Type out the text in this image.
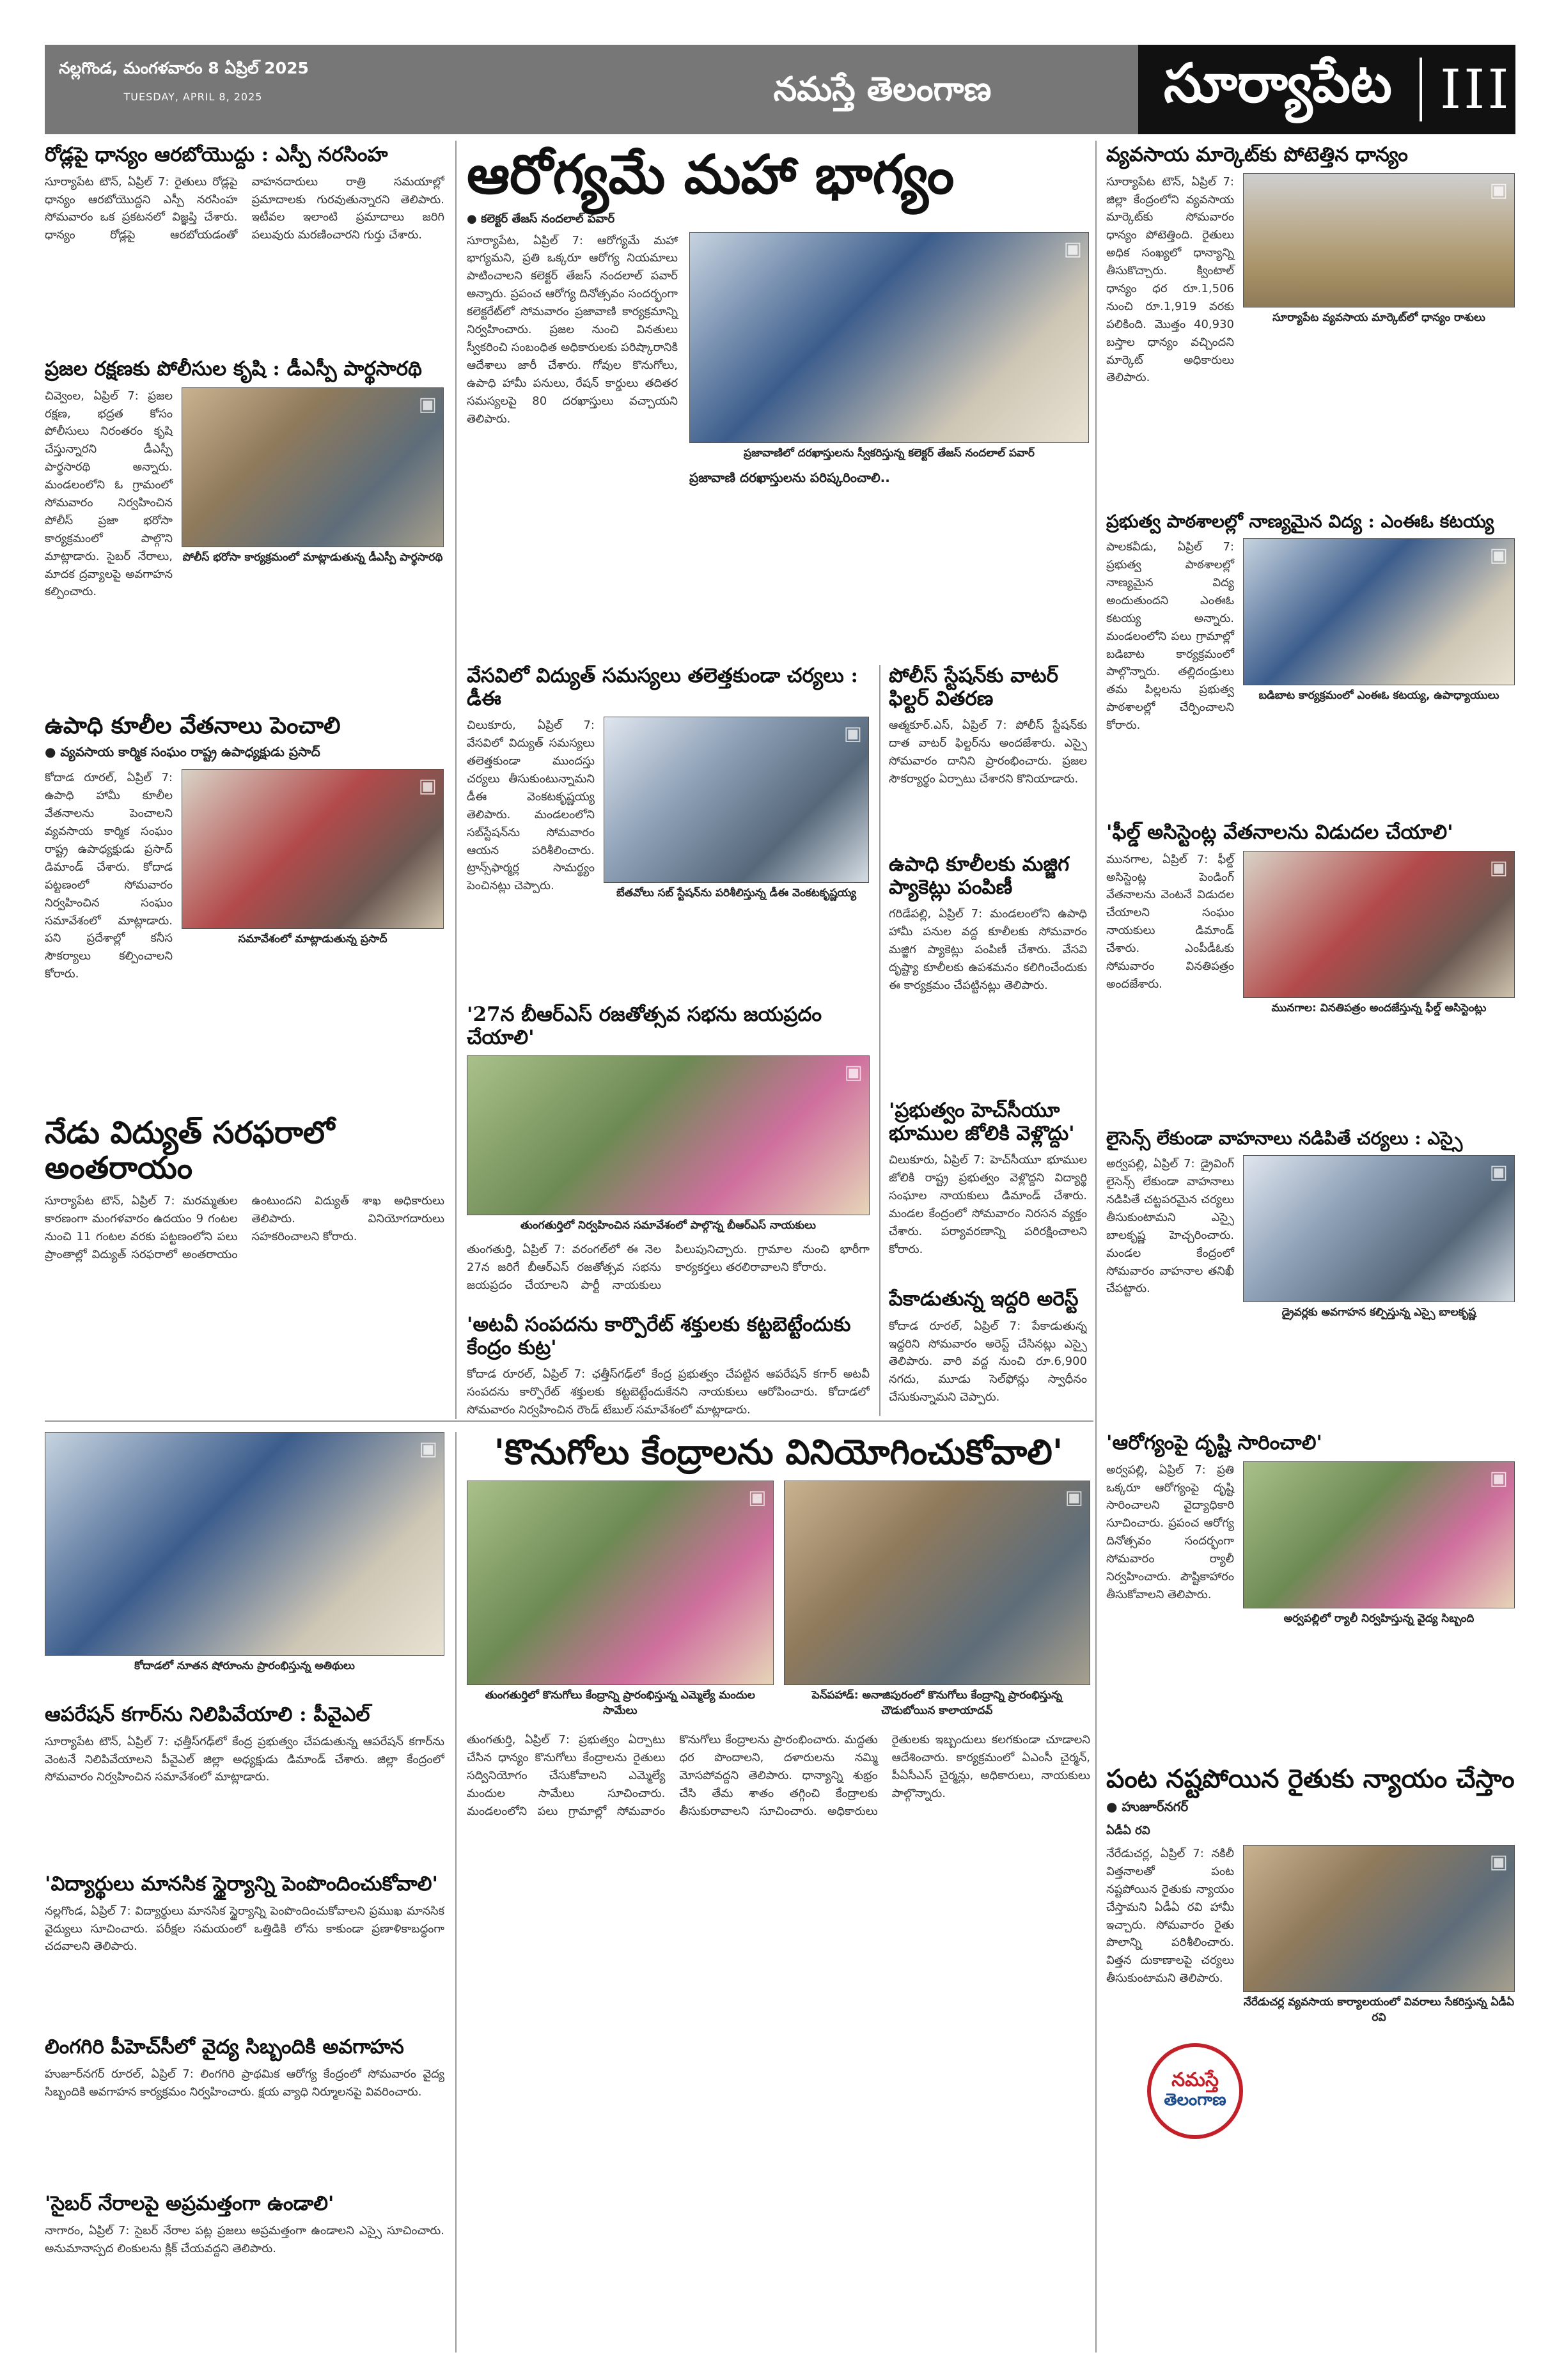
నల్లగొండ, మంగళవారం 8 ఏప్రిల్ 2025
TUESDAY, APRIL 8, 2025	నమస్తే తెలంగాణ	సూర్యాపేట III
రోడ్లపై ధాన్యం ఆరబోయొద్దు : ఎస్పీ నరసింహ
సూర్యాపేట టౌన్, ఏప్రిల్ 7: రైతులు రోడ్లపై ధాన్యం ఆరబోయొద్దని ఎస్పీ నరసింహ సోమవారం ఒక ప్రకటనలో విజ్ఞప్తి చేశారు. ధాన్యం రోడ్లపై ఆరబోయడంతో వాహనదారులు రాత్రి సమయాల్లో ప్రమాదాలకు గురవుతున్నారని తెలిపారు. ఇటీవల ఇలాంటి ప్రమాదాలు జరిగి పలువురు మరణించారని గుర్తు చేశారు.
ప్రజల రక్షణకు పోలీసుల కృషి : డీఎస్పీ పార్థసారథి
చివ్వెంల, ఏప్రిల్ 7: ప్రజల రక్షణ, భద్రత కోసం పోలీసులు నిరంతరం కృషి చేస్తున్నారని డీఎస్పీ పార్థసారథి అన్నారు. మండలంలోని ఓ గ్రామంలో సోమవారం నిర్వహించిన పోలీస్ ప్రజా భరోసా కార్యక్రమంలో పాల్గొని మాట్లాడారు. సైబర్ నేరాలు, మాదక ద్రవ్యాలపై అవగాహన కల్పించారు.
▣
పోలీస్ భరోసా కార్యక్రమంలో మాట్లాడుతున్న డీఎస్పీ పార్థసారథి
ఉపాధి కూలీల వేతనాలు పెంచాలి
● వ్యవసాయ కార్మిక సంఘం రాష్ట్ర ఉపాధ్యక్షుడు ప్రసాద్
కోదాడ రూరల్, ఏప్రిల్ 7: ఉపాధి హామీ కూలీల వేతనాలను పెంచాలని వ్యవసాయ కార్మిక సంఘం రాష్ట్ర ఉపాధ్యక్షుడు ప్రసాద్ డిమాండ్ చేశారు. కోదాడ పట్టణంలో సోమవారం నిర్వహించిన సంఘం సమావేశంలో మాట్లాడారు. పని ప్రదేశాల్లో కనీస సౌకర్యాలు కల్పించాలని కోరారు.
▣
సమావేశంలో మాట్లాడుతున్న ప్రసాద్
నేడు విద్యుత్ సరఫరాలో అంతరాయం
సూర్యాపేట టౌన్, ఏప్రిల్ 7: మరమ్మతుల కారణంగా మంగళవారం ఉదయం 9 గంటల నుంచి 11 గంటల వరకు పట్టణంలోని పలు ప్రాంతాల్లో విద్యుత్ సరఫరాలో అంతరాయం ఉంటుందని విద్యుత్ శాఖ అధికారులు తెలిపారు. వినియోగదారులు సహకరించాలని కోరారు.
ఆరోగ్యమే మహా భాగ్యం
● కలెక్టర్ తేజస్ నందలాల్ పవార్
సూర్యాపేట, ఏప్రిల్ 7: ఆరోగ్యమే మహా భాగ్యమని, ప్రతి ఒక్కరూ ఆరోగ్య నియమాలు పాటించాలని కలెక్టర్ తేజస్ నందలాల్ పవార్ అన్నారు. ప్రపంచ ఆరోగ్య దినోత్సవం సందర్భంగా కలెక్టరేట్‌లో సోమవారం ప్రజావాణి కార్యక్రమాన్ని నిర్వహించారు. ప్రజల నుంచి వినతులు స్వీకరించి సంబంధిత అధికారులకు పరిష్కారానికి ఆదేశాలు జారీ చేశారు. గోవుల కొనుగోలు, ఉపాధి హామీ పనులు, రేషన్ కార్డులు తదితర సమస్యలపై 80 దరఖాస్తులు వచ్చాయని తెలిపారు.
▣
ప్రజావాణిలో దరఖాస్తులను స్వీకరిస్తున్న కలెక్టర్ తేజస్ నందలాల్ పవార్
ప్రజావాణి దరఖాస్తులను పరిష్కరించాలి..
వేసవిలో విద్యుత్ సమస్యలు తలెత్తకుండా చర్యలు : డీఈ
చిలుకూరు, ఏప్రిల్ 7: వేసవిలో విద్యుత్ సమస్యలు తలెత్తకుండా ముందస్తు చర్యలు తీసుకుంటున్నామని డీఈ వెంకటకృష్ణయ్య తెలిపారు. మండలంలోని సబ్‌స్టేషన్‌ను సోమవారం ఆయన పరిశీలించారు. ట్రాన్స్‌ఫార్మర్ల సామర్థ్యం పెంచినట్లు చెప్పారు.
▣
బేతవోలు సబ్ స్టేషన్‌ను పరిశీలిస్తున్న డీఈ వెంకటకృష్ణయ్య
'27న బీఆర్‌ఎస్ రజతోత్సవ సభను జయప్రదం చేయాలి'
▣
తుంగతుర్తిలో నిర్వహించిన సమావేశంలో పాల్గొన్న బీఆర్‌ఎస్ నాయకులు
తుంగతుర్తి, ఏప్రిల్ 7: వరంగల్‌లో ఈ నెల 27న జరిగే బీఆర్‌ఎస్ రజతోత్సవ సభను జయప్రదం చేయాలని పార్టీ నాయకులు పిలుపునిచ్చారు. గ్రామాల నుంచి భారీగా కార్యకర్తలు తరలిరావాలని కోరారు.
'అటవీ సంపదను కార్పొరేట్ శక్తులకు కట్టబెట్టేందుకు కేంద్రం కుట్ర'
కోదాడ రూరల్, ఏప్రిల్ 7: ఛత్తీస్‌గఢ్‌లో కేంద్ర ప్రభుత్వం చేపట్టిన ఆపరేషన్ కగార్ అటవీ సంపదను కార్పొరేట్ శక్తులకు కట్టబెట్టేందుకేనని నాయకులు ఆరోపించారు. కోదాడలో సోమవారం నిర్వహించిన రౌండ్ టేబుల్ సమావేశంలో మాట్లాడారు.
పోలీస్ స్టేషన్‌కు వాటర్ ఫిల్టర్ వితరణ
ఆత్మకూర్.ఎస్, ఏప్రిల్ 7: పోలీస్ స్టేషన్‌కు దాత వాటర్ ఫిల్టర్‌ను అందజేశారు. ఎస్సై సోమవారం దానిని ప్రారంభించారు. ప్రజల సౌకర్యార్థం ఏర్పాటు చేశారని కొనియాడారు.
ఉపాధి కూలీలకు మజ్జిగ ప్యాకెట్లు పంపిణీ
గరిడేపల్లి, ఏప్రిల్ 7: మండలంలోని ఉపాధి హామీ పనుల వద్ద కూలీలకు సోమవారం మజ్జిగ ప్యాకెట్లు పంపిణీ చేశారు. వేసవి దృష్ట్యా కూలీలకు ఉపశమనం కలిగించేందుకు ఈ కార్యక్రమం చేపట్టినట్లు తెలిపారు.
'ప్రభుత్వం హెచ్‌సీయూ భూముల జోలికి వెళ్లొద్దు'
చిలుకూరు, ఏప్రిల్ 7: హెచ్‌సీయూ భూముల జోలికి రాష్ట్ర ప్రభుత్వం వెళ్లొద్దని విద్యార్థి సంఘాల నాయకులు డిమాండ్ చేశారు. మండల కేంద్రంలో సోమవారం నిరసన వ్యక్తం చేశారు. పర్యావరణాన్ని పరిరక్షించాలని కోరారు.
పేకాడుతున్న ఇద్దరి అరెస్ట్
కోదాడ రూరల్, ఏప్రిల్ 7: పేకాడుతున్న ఇద్దరిని సోమవారం అరెస్ట్ చేసినట్లు ఎస్సై తెలిపారు. వారి వద్ద నుంచి రూ.6,900 నగదు, మూడు సెల్‌ఫోన్లు స్వాధీనం చేసుకున్నామని చెప్పారు.
▣
కోదాడలో నూతన షోరూంను ప్రారంభిస్తున్న అతిథులు
ఆపరేషన్ కగార్‌ను నిలిపివేయాలి : పీవైఎల్
సూర్యాపేట టౌన్, ఏప్రిల్ 7: ఛత్తీస్‌గఢ్‌లో కేంద్ర ప్రభుత్వం చేపడుతున్న ఆపరేషన్ కగార్‌ను వెంటనే నిలిపివేయాలని పీవైఎల్ జిల్లా అధ్యక్షుడు డిమాండ్ చేశారు. జిల్లా కేంద్రంలో సోమవారం నిర్వహించిన సమావేశంలో మాట్లాడారు.
'విద్యార్థులు మానసిక స్థైర్యాన్ని పెంపొందించుకోవాలి'
నల్లగొండ, ఏప్రిల్ 7: విద్యార్థులు మానసిక స్థైర్యాన్ని పెంపొందించుకోవాలని ప్రముఖ మానసిక వైద్యులు సూచించారు. పరీక్షల సమయంలో ఒత్తిడికి లోను కాకుండా ప్రణాళికాబద్ధంగా చదవాలని తెలిపారు.
లింగగిరి పీహెచ్‌సీలో వైద్య సిబ్బందికి అవగాహన
హుజూర్‌నగర్ రూరల్, ఏప్రిల్ 7: లింగగిరి ప్రాథమిక ఆరోగ్య కేంద్రంలో సోమవారం వైద్య సిబ్బందికి అవగాహన కార్యక్రమం నిర్వహించారు. క్షయ వ్యాధి నిర్మూలనపై వివరించారు.
'సైబర్ నేరాలపై అప్రమత్తంగా ఉండాలి'
నాగారం, ఏప్రిల్ 7: సైబర్ నేరాల పట్ల ప్రజలు అప్రమత్తంగా ఉండాలని ఎస్సై సూచించారు. అనుమానాస్పద లింకులను క్లిక్ చేయవద్దని తెలిపారు.
'కొనుగోలు కేంద్రాలను వినియోగించుకోవాలి'
▣
తుంగతుర్తిలో కొనుగోలు కేంద్రాన్ని ప్రారంభిస్తున్న ఎమ్మెల్యే మందుల సామేలు
▣
పెన్‌పహాడ్: అనాజిపురంలో కొనుగోలు కేంద్రాన్ని ప్రారంభిస్తున్న చౌడుబోయిన కాలాయాదవ్
తుంగతుర్తి, ఏప్రిల్ 7: ప్రభుత్వం ఏర్పాటు చేసిన ధాన్యం కొనుగోలు కేంద్రాలను రైతులు సద్వినియోగం చేసుకోవాలని ఎమ్మెల్యే మందుల సామేలు సూచించారు. మండలంలోని పలు గ్రామాల్లో సోమవారం కొనుగోలు కేంద్రాలను ప్రారంభించారు. మద్దతు ధర పొందాలని, దళారులను నమ్మి మోసపోవద్దని తెలిపారు. ధాన్యాన్ని శుభ్రం చేసి తేమ శాతం తగ్గించి కేంద్రాలకు తీసుకురావాలని సూచించారు. అధికారులు రైతులకు ఇబ్బందులు కలగకుండా చూడాలని ఆదేశించారు. కార్యక్రమంలో ఏఎంసీ చైర్మన్, పీఏసీఎస్ చైర్మన్లు, అధికారులు, నాయకులు పాల్గొన్నారు.
వ్యవసాయ మార్కెట్‌కు పోటెత్తిన ధాన్యం
సూర్యాపేట టౌన్, ఏప్రిల్ 7: జిల్లా కేంద్రంలోని వ్యవసాయ మార్కెట్‌కు సోమవారం ధాన్యం పోటెత్తింది. రైతులు అధిక సంఖ్యలో ధాన్యాన్ని తీసుకొచ్చారు. క్వింటాల్ ధాన్యం ధర రూ.1,506 నుంచి రూ.1,919 వరకు పలికింది. మొత్తం 40,930 బస్తాల ధాన్యం వచ్చిందని మార్కెట్ అధికారులు తెలిపారు.
▣
సూర్యాపేట వ్యవసాయ మార్కెట్‌లో ధాన్యం రాశులు
ప్రభుత్వ పాఠశాలల్లో నాణ్యమైన విద్య : ఎంఈఓ కటయ్య
పాలకవీడు, ఏప్రిల్ 7: ప్రభుత్వ పాఠశాలల్లో నాణ్యమైన విద్య అందుతుందని ఎంఈఓ కటయ్య అన్నారు. మండలంలోని పలు గ్రామాల్లో బడిబాట కార్యక్రమంలో పాల్గొన్నారు. తల్లిదండ్రులు తమ పిల్లలను ప్రభుత్వ పాఠశాలల్లో చేర్పించాలని కోరారు.
▣
బడిబాట కార్యక్రమంలో ఎంఈఓ కటయ్య, ఉపాధ్యాయులు
'ఫీల్డ్ అసిస్టెంట్ల వేతనాలను విడుదల చేయాలి'
మునగాల, ఏప్రిల్ 7: ఫీల్డ్ అసిస్టెంట్ల పెండింగ్ వేతనాలను వెంటనే విడుదల చేయాలని సంఘం నాయకులు డిమాండ్ చేశారు. ఎంపీడీఓకు సోమవారం వినతిపత్రం అందజేశారు.
▣
మునగాల: వినతిపత్రం అందజేస్తున్న ఫీల్డ్ అసిస్టెంట్లు
లైసెన్స్ లేకుండా వాహనాలు నడిపితే చర్యలు : ఎస్సై
అర్వపల్లి, ఏప్రిల్ 7: డ్రైవింగ్ లైసెన్స్ లేకుండా వాహనాలు నడిపితే చట్టపరమైన చర్యలు తీసుకుంటామని ఎస్సై బాలకృష్ణ హెచ్చరించారు. మండల కేంద్రంలో సోమవారం వాహనాల తనిఖీ చేపట్టారు.
▣
డ్రైవర్లకు అవగాహన కల్పిస్తున్న ఎస్సై బాలకృష్ణ
'ఆరోగ్యంపై దృష్టి సారించాలి'
అర్వపల్లి, ఏప్రిల్ 7: ప్రతి ఒక్కరూ ఆరోగ్యంపై దృష్టి సారించాలని వైద్యాధికారి సూచించారు. ప్రపంచ ఆరోగ్య దినోత్సవం సందర్భంగా సోమవారం ర్యాలీ నిర్వహించారు. పౌష్టికాహారం తీసుకోవాలని తెలిపారు.
▣
అర్వపల్లిలో ర్యాలీ నిర్వహిస్తున్న వైద్య సిబ్బంది
పంట నష్టపోయిన రైతుకు న్యాయం చేస్తాం
● హుజూర్‌నగర్
ఏడీఏ రవి
నేరేడుచర్ల, ఏప్రిల్ 7: నకిలీ విత్తనాలతో పంట నష్టపోయిన రైతుకు న్యాయం చేస్తామని ఏడీఏ రవి హామీ ఇచ్చారు. సోమవారం రైతు పొలాన్ని పరిశీలించారు. విత్తన దుకాణాలపై చర్యలు తీసుకుంటామని తెలిపారు.
▣
నేరేడుచర్ల వ్యవసాయ కార్యాలయంలో వివరాలు సేకరిస్తున్న ఏడీఏ రవి
నమస్తే
తెలంగాణ
